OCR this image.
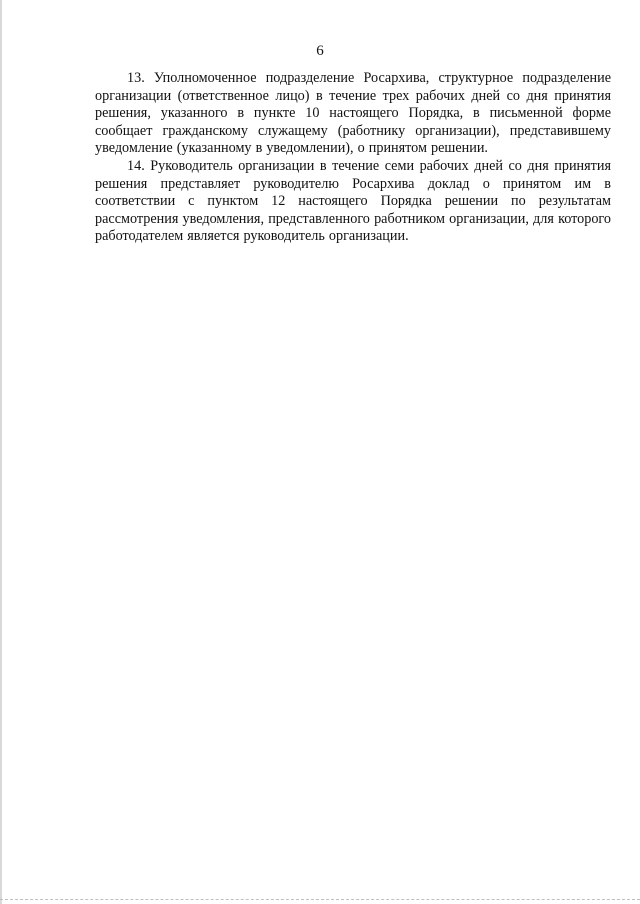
6

13. Уполномоченное подразделение Росархива, структурное подразделение организации (ответственное лицо) в течение трех рабочих дней со дня принятия решения, указанного в пункте 10 настоящего Порядка, в письменной форме сообщает гражданскому служащему (работнику организации), представившему уведомление (указанному в уведомлении), о принятом решении.

14. Руководитель организации в течение семи рабочих дней со дня принятия решения представляет руководителю Росархива доклад о принятом им в соответствии с пунктом 12 настоящего Порядка решении по результатам рассмотрения уведомления, представленного работником организации, для которого работодателем является руководитель организации.
